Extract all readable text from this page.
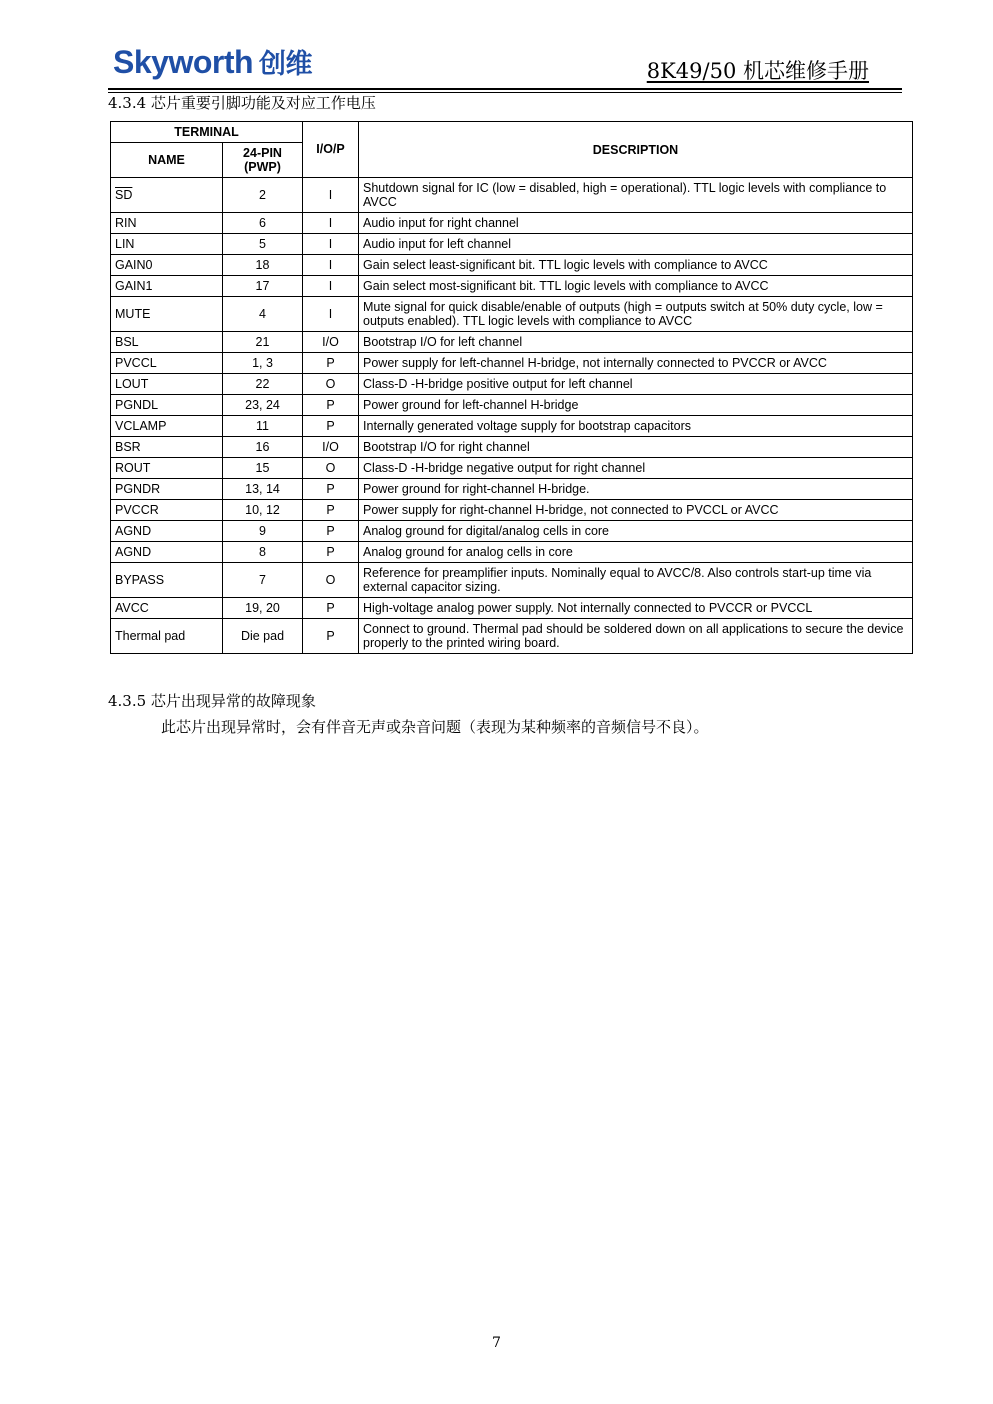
Skyworth 创维	8K49/50 机芯维修手册
4.3.4 芯片重要引脚功能及对应工作电压
TERMINAL		I/O/P	DESCRIPTION
NAME	24-PIN (PWP)		
$\overline{SD}$	2	I	Shutdown signal for IC (low = disabled, high = operational). TTL logic levels with compliance to AVCC
RIN	6	I	Audio input for right channel
LIN	5	I	Audio input for left channel
GAIN0	18	I	Gain select least-significant bit. TTL logic levels with compliance to AVCC
GAIN1	17	I	Gain select most-significant bit. TTL logic levels with compliance to AVCC
MUTE	4	I	Mute signal for quick disable/enable of outputs (high = outputs switch at 50% duty cycle, low = outputs enabled). TTL logic levels with compliance to AVCC
BSL	21	I/O	Bootstrap I/O for left channel
PVCCL	1, 3	P	Power supply for left-channel H-bridge, not internally connected to PVCCR or AVCC
LOUT	22	O	Class-D -H-bridge positive output for left channel
PGNDL	23, 24	P	Power ground for left-channel H-bridge
VCLAMP	11	P	Internally generated voltage supply for bootstrap capacitors
BSR	16	I/O	Bootstrap I/O for right channel
ROUT	15	O	Class-D -H-bridge negative output for right channel
PGNDR	13, 14	P	Power ground for right-channel H-bridge.
PVCCR	10, 12	P	Power supply for right-channel H-bridge, not connected to PVCCL or AVCC
AGND	9	P	Analog ground for digital/analog cells in core
AGND	8	P	Analog ground for analog cells in core
BYPASS	7	O	Reference for preamplifier inputs. Nominally equal to AVCC/8. Also controls start-up time via external capacitor sizing.
AVCC	19, 20	P	High-voltage analog power supply. Not internally connected to PVCCR or PVCCL
Thermal pad	Die pad	P	Connect to ground. Thermal pad should be soldered down on all applications to secure the device properly to the printed wiring board.
4.3.5 芯片出现异常的故障现象
此芯片出现异常时，会有伴音无声或杂音问题（表现为某种频率的音频信号不良）。
7
